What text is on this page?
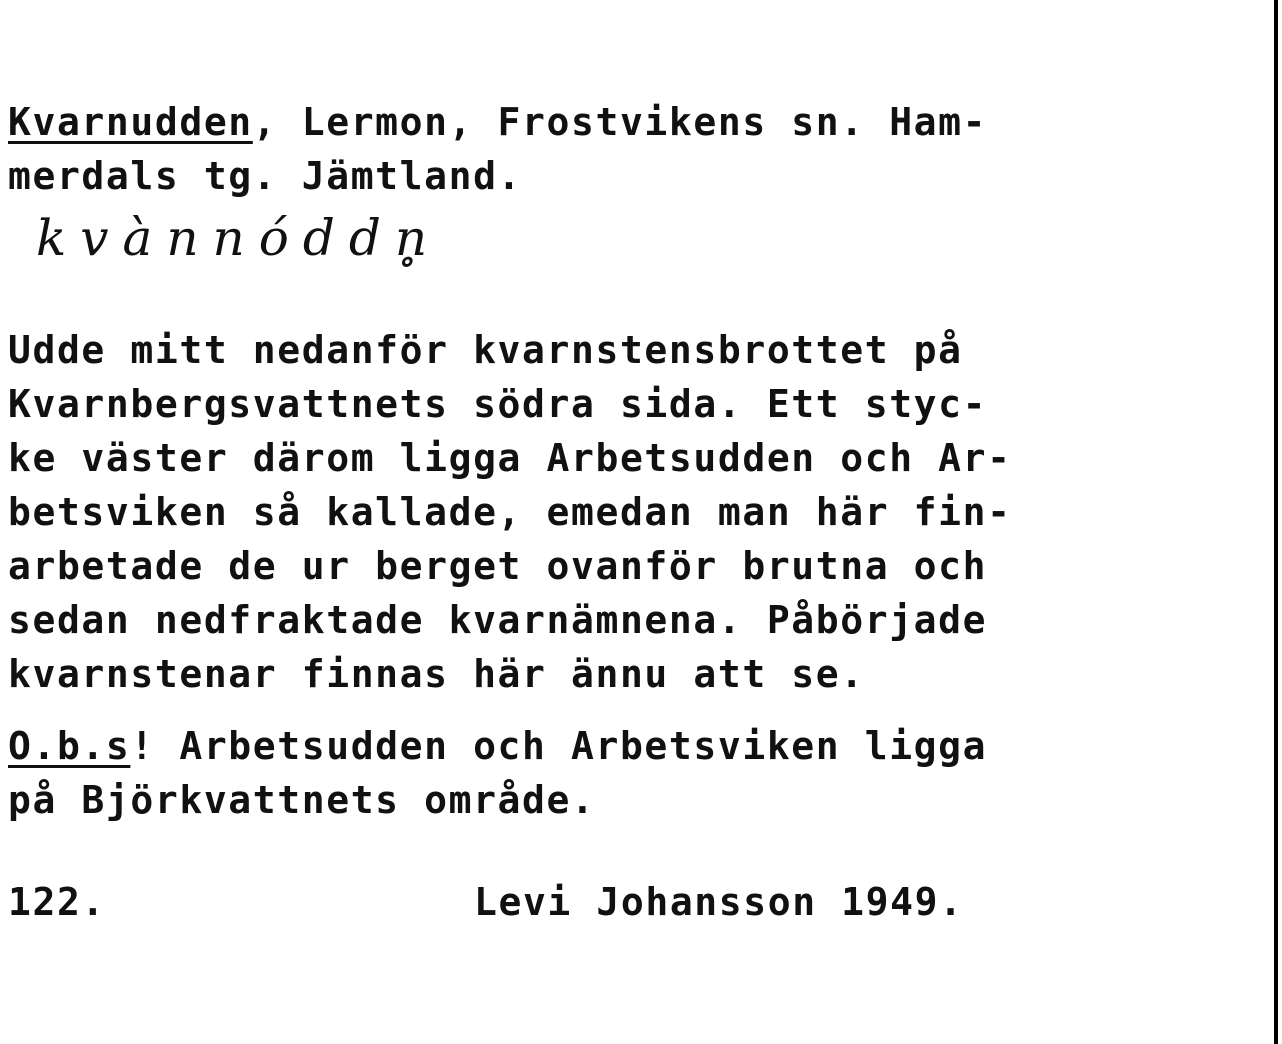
Kvarnudden, Lermon, Frostvikens sn. Ham-
merdals tg. Jämtland.
kvànnóddn̥
Udde mitt nedanför kvarnstensbrottet på
Kvarnbergsvattnets södra sida. Ett styc-
ke väster därom ligga Arbetsudden och Ar-
betsviken så kallade, emedan man här fin-
arbetade de ur berget ovanför brutna och
sedan nedfraktade kvarnämnena. Påbörjade
kvarnstenar finnas här ännu att se.
O.b.s! Arbetsudden och Arbetsviken ligga
på Björkvattnets område.
122.	Levi Johansson 1949.
